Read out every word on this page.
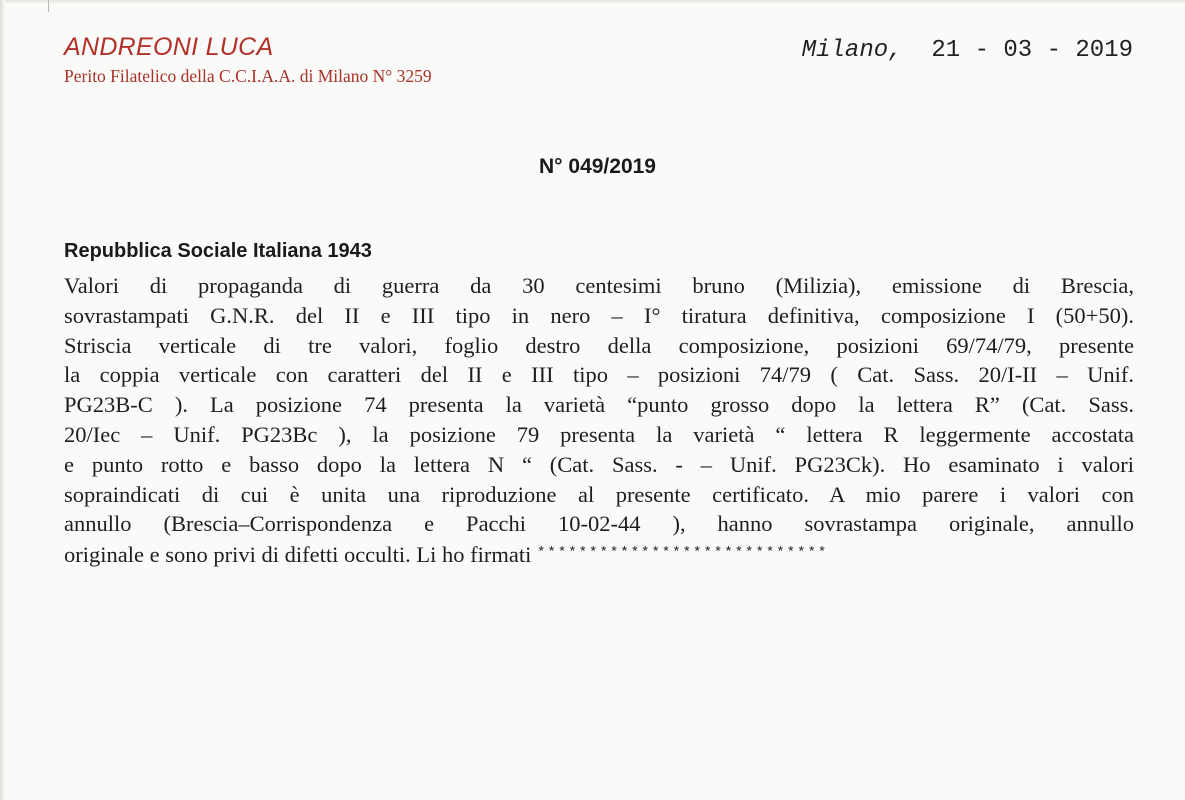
ANDREONI LUCA
Perito Filatelico della C.C.I.A.A. di Milano N° 3259
Milano, 21 - 03 - 2019
N° 049/2019
Repubblica Sociale Italiana 1943
Valori di propaganda di guerra da 30 centesimi bruno (Milizia), emissione di Brescia,
sovrastampati G.N.R. del II e III tipo in nero – I° tiratura definitiva, composizione I (50+50).
Striscia verticale di tre valori, foglio destro della composizione, posizioni 69/74/79, presente
la coppia verticale con caratteri del II e III tipo – posizioni 74/79 ( Cat. Sass. 20/I-II – Unif.
PG23B-C ). La posizione 74 presenta la varietà “punto grosso dopo la lettera R” (Cat. Sass.
20/Iec – Unif. PG23Bc ), la posizione 79 presenta la varietà “ lettera R leggermente accostata
e punto rotto e basso dopo la lettera N “ (Cat. Sass. - – Unif. PG23Ck). Ho esaminato i valori
sopraindicati di cui è unita una riproduzione al presente certificato. A mio parere i valori con
annullo (Brescia–Corrispondenza e Pacchi 10-02-44 ), hanno sovrastampa originale, annullo
originale e sono privi di difetti occulti. Li ho firmati ****************************
